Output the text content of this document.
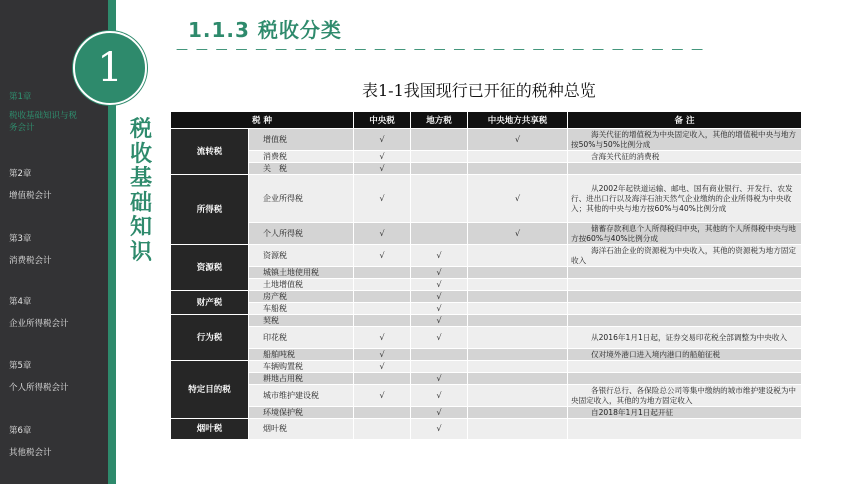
第1章
税收基础知识与税务会计
第2章
增值税会计
第3章
消费税会计
第4章
企业所得税会计
第5章
个人所得税会计
第6章
其他税会计
1
税
收
基
础
知
识
1.1.3 税收分类
— — — — — — — — — — — — — — — — — — — — — — — — — — —
表1-1我国现行已开征的税种总览
税 种		中央税	地方税	中央地方共享税	备 注
流转税	增值税	√		√	海关代征的增值税为中央固定收入，其他的增值税中央与地方按50%与50%比例分成
	消费税	√			含海关代征的消费税
	关　税	√			
所得税	企业所得税	√		√	从2002年起铁道运输、邮电、国有商业银行、开发行、农发行、进出口行以及海洋石油天然气企业缴纳的企业所得税为中央收入；其他的中央与地方按60%与40%比例分成
	个人所得税	√		√	储蓄存款利息个人所得税归中央，其他的个人所得税中央与地方按60%与40%比例分成
资源税	资源税	√	√		海洋石油企业的资源税为中央收入，其他的资源税为地方固定收入
	城镇土地使用税		√		
	土地增值税		√		
财产税	房产税		√		
	车船税		√		
行为税	契税		√		
	印花税	√	√		从2016年1月1日起，证券交易印花税全部调整为中央收入
	船舶吨税	√			仅对境外港口进入境内港口的船舶征税
特定目的税	车辆购置税	√			
	耕地占用税		√		
	城市维护建设税	√	√		各银行总行、各保险总公司等集中缴纳的城市维护建设税为中央固定收入，其他的为地方固定收入
	环境保护税		√		自2018年1月1日起开征
烟叶税	烟叶税		√		
